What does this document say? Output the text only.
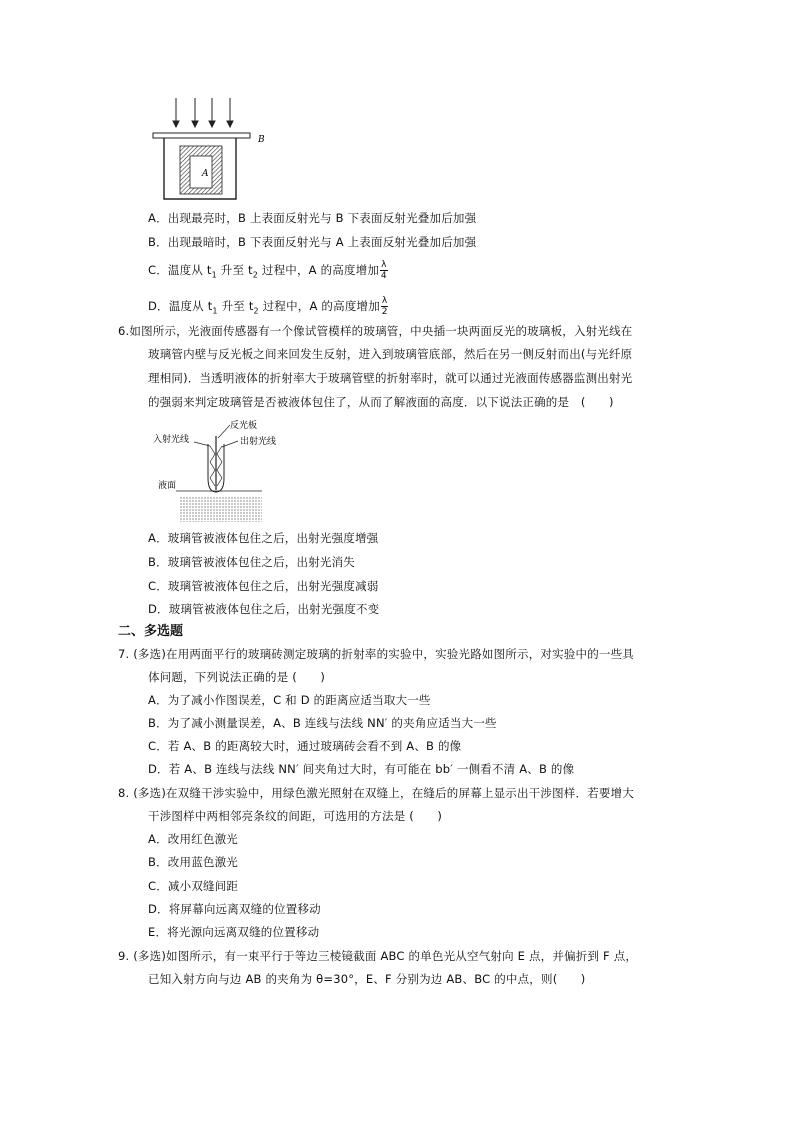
B
A
A．出现最亮时，B 上表面反射光与 B 下表面反射光叠加后加强
B．出现最暗时，B 下表面反射光与 A 上表面反射光叠加后加强
C．温度从 $t_1$ 升至 $t_2$ 过程中，A 的高度增加 $\frac{\lambda}{4}$
D．温度从 $t_1$ 升至 $t_2$ 过程中，A 的高度增加 $\frac{\lambda}{2}$
6.如图所示，光液面传感器有一个像试管模样的玻璃管，中央插一块两面反光的玻璃板，入射光线在
玻璃管内壁与反光板之间来回发生反射，进入到玻璃管底部，然后在另一侧反射而出(与光纤原
理相同)．当透明液体的折射率大于玻璃管壁的折射率时，就可以通过光液面传感器监测出射光
的强弱来判定玻璃管是否被液体包住了，从而了解液面的高度．以下说法正确的是　(　　)
入射光线
反光板
出射光线
液面
A．玻璃管被液体包住之后，出射光强度增强
B．玻璃管被液体包住之后，出射光消失
C．玻璃管被液体包住之后，出射光强度减弱
D．玻璃管被液体包住之后，出射光强度不变
二、多选题
7. (多选)在用两面平行的玻璃砖测定玻璃的折射率的实验中，实验光路如图所示，对实验中的一些具
体问题，下列说法正确的是 (　　)
A．为了减小作图误差，C 和 D 的距离应适当取大一些
B．为了减小测量误差，A、B 连线与法线 NN′ 的夹角应适当大一些
C．若 A、B 的距离较大时，通过玻璃砖会看不到 A、B 的像
D．若 A、B 连线与法线 NN′ 间夹角过大时，有可能在 bb′ 一侧看不清 A、B 的像
8. (多选)在双缝干涉实验中，用绿色激光照射在双缝上，在缝后的屏幕上显示出干涉图样．若要增大
干涉图样中两相邻亮条纹的间距，可选用的方法是 (　　)
A．改用红色激光
B．改用蓝色激光
C．减小双缝间距
D．将屏幕向远离双缝的位置移动
E．将光源向远离双缝的位置移动
9. (多选)如图所示，有一束平行于等边三棱镜截面 ABC 的单色光从空气射向 E 点，并偏折到 F 点，
已知入射方向与边 AB 的夹角为 θ=30°，E、F 分别为边 AB、BC 的中点，则(　　)
